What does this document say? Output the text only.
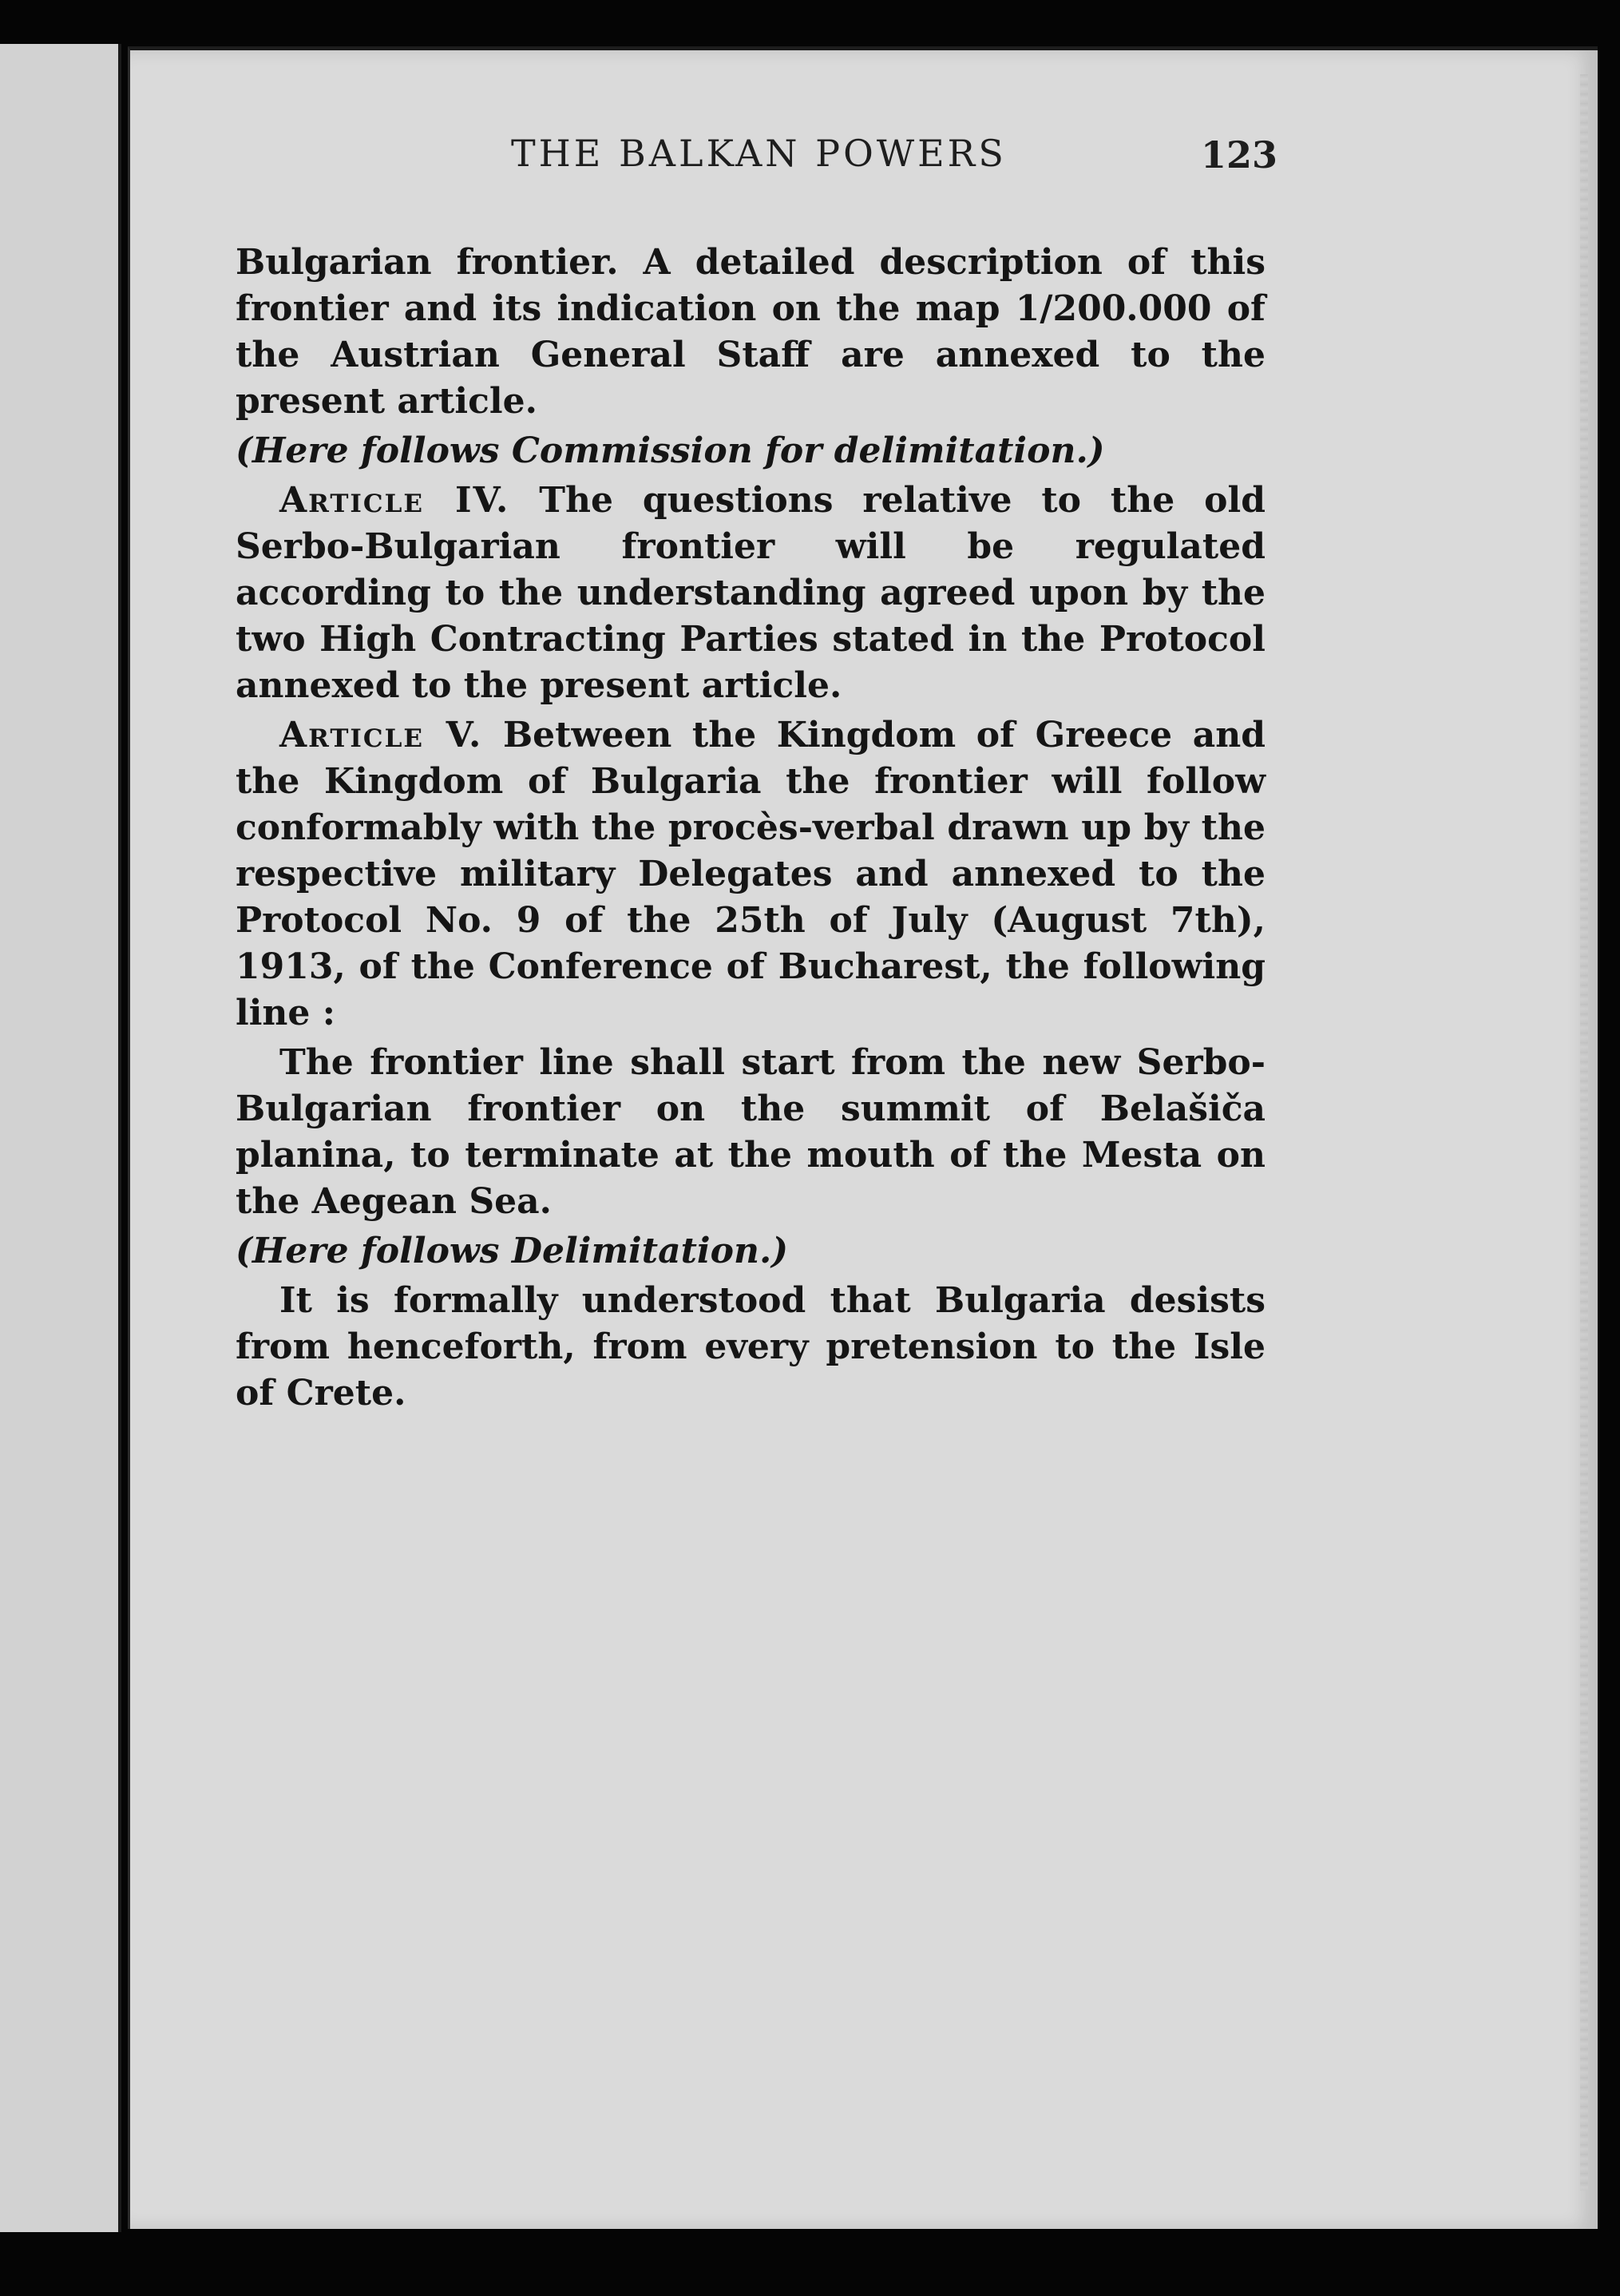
THE BALKAN POWERS	123

Bulgarian frontier. A detailed description of this frontier and its indication on the map 1/200.000 of the Austrian General Staff are annexed to the present article.

(Here follows Commission for delimitation.)

Article IV. The questions relative to the old Serbo-Bulgarian frontier will be regulated according to the understanding agreed upon by the two High Contracting Parties stated in the Protocol annexed to the present article.

Article V. Between the Kingdom of Greece and the Kingdom of Bulgaria the frontier will follow conformably with the procès-verbal drawn up by the respective military Delegates and annexed to the Protocol No. 9 of the 25th of July (August 7th), 1913, of the Conference of Bucharest, the following line :

The frontier line shall start from the new Serbo-Bulgarian frontier on the summit of Belašiča planina, to terminate at the mouth of the Mesta on the Aegean Sea.

(Here follows Delimitation.)

It is formally understood that Bulgaria desists from henceforth, from every pretension to the Isle of Crete.
